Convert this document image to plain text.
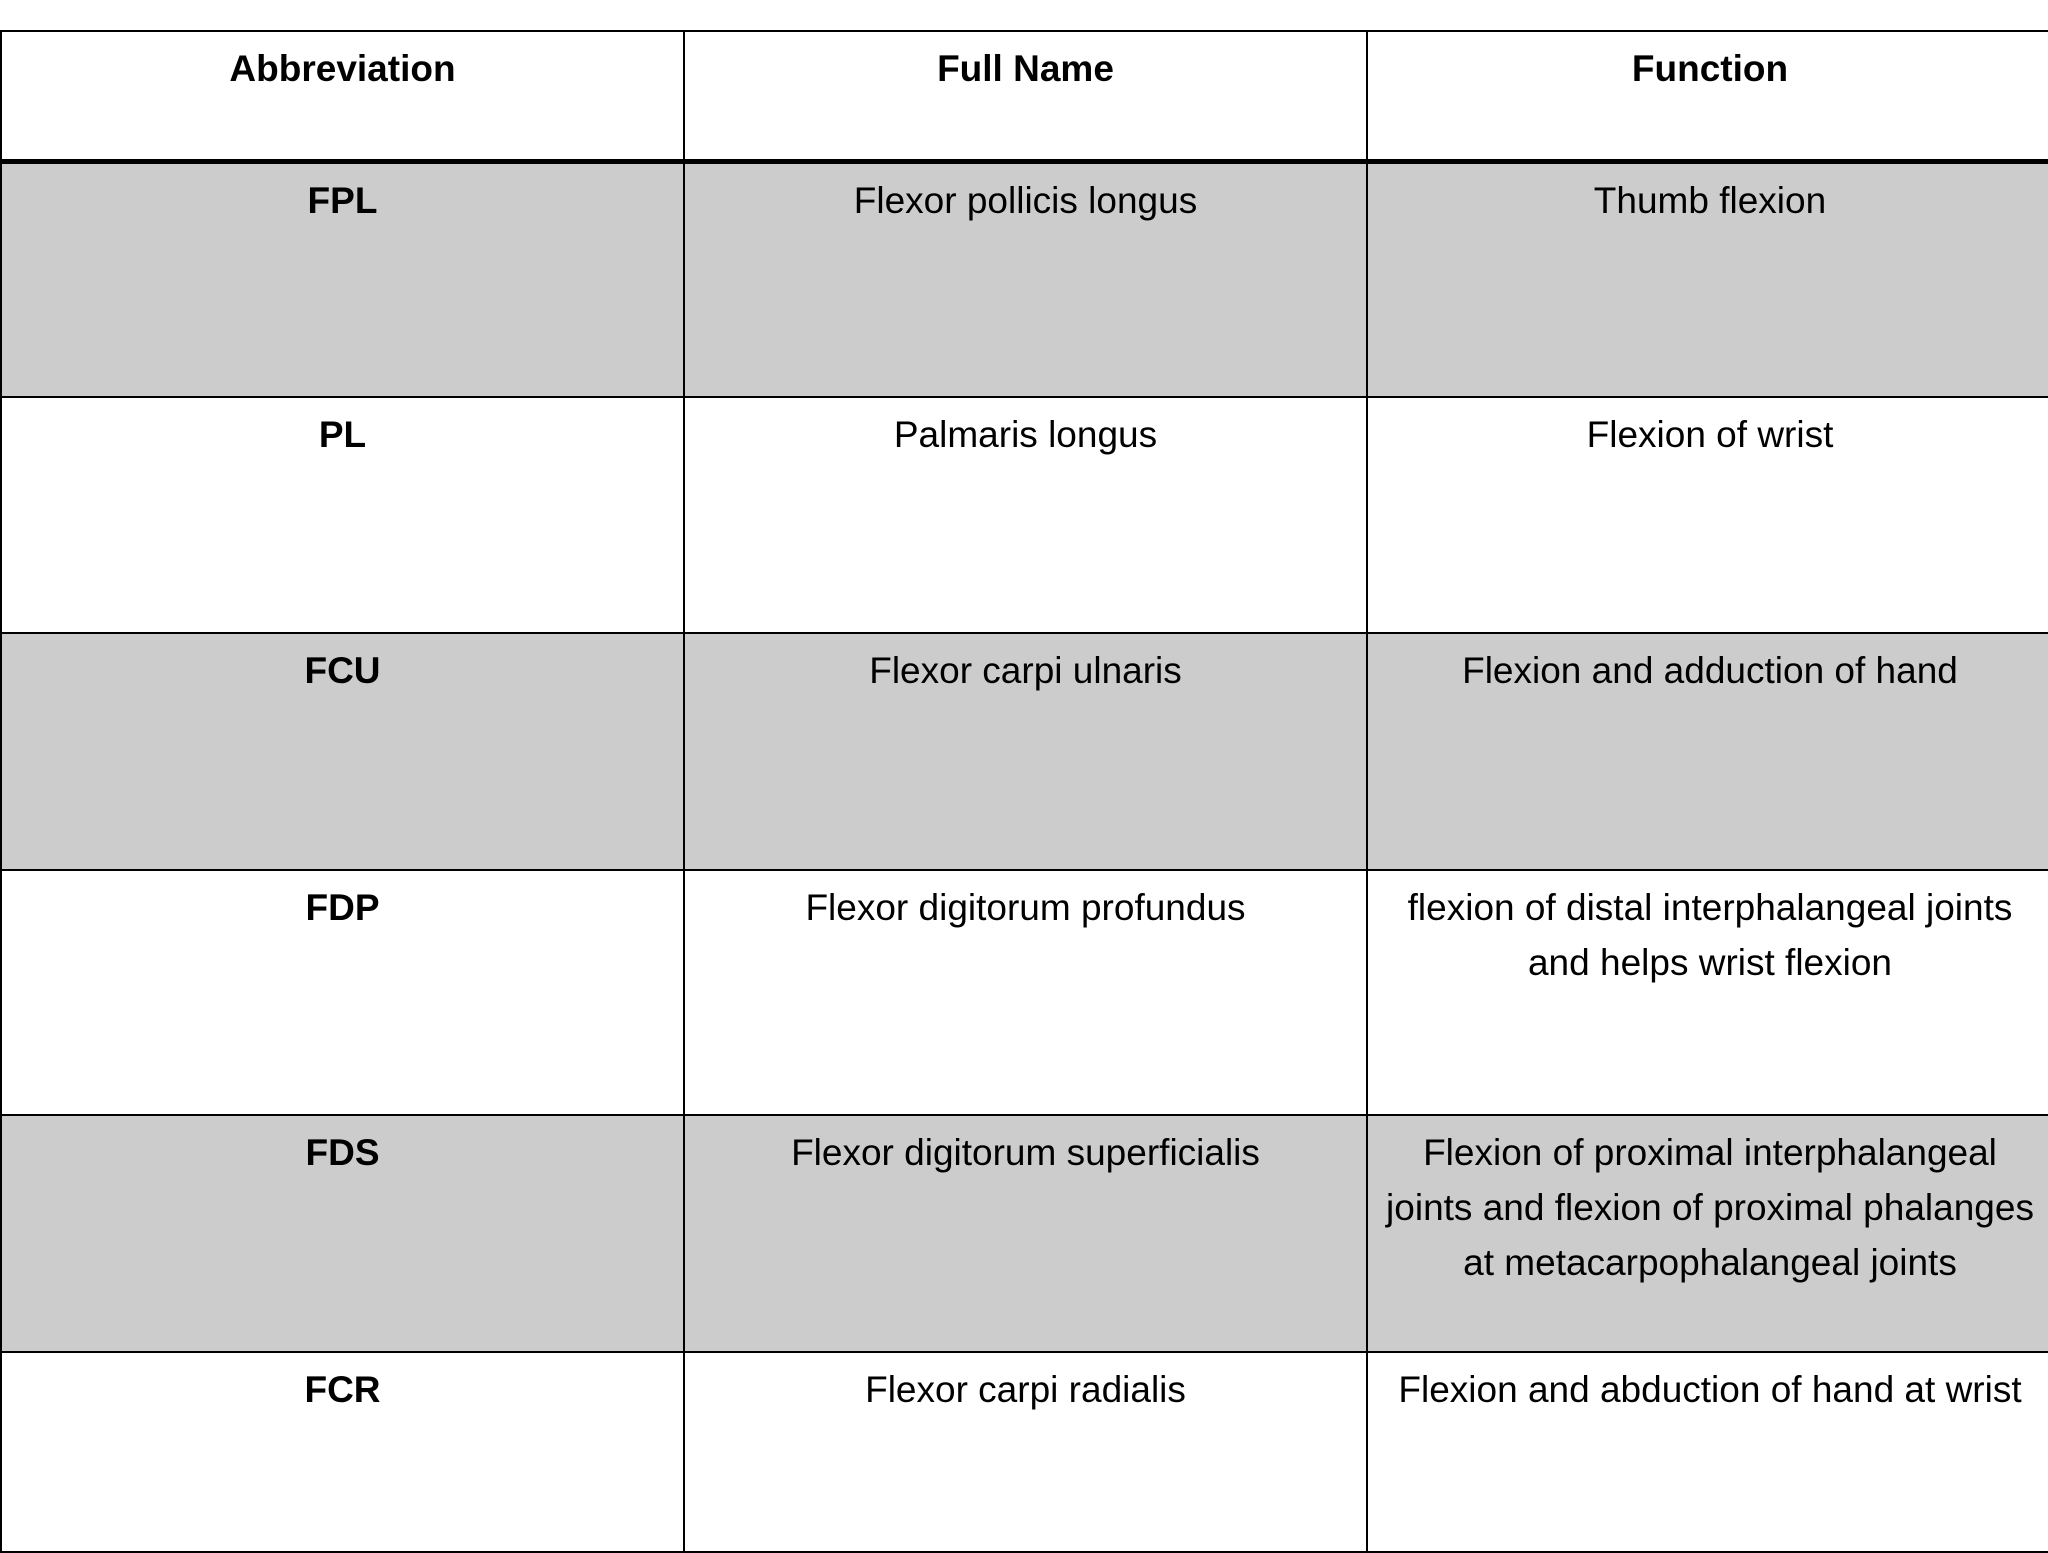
Abbreviation	Full Name	Function
FPL	Flexor pollicis longus	Thumb flexion
PL	Palmaris longus	Flexion of wrist
FCU	Flexor carpi ulnaris	Flexion and adduction of hand
FDP	Flexor digitorum profundus	flexion of distal interphalangeal joints and helps wrist flexion
FDS	Flexor digitorum superficialis	Flexion of proximal interphalangeal joints and flexion of proximal phalanges at metacarpophalangeal joints
FCR	Flexor carpi radialis	Flexion and abduction of hand at wrist
